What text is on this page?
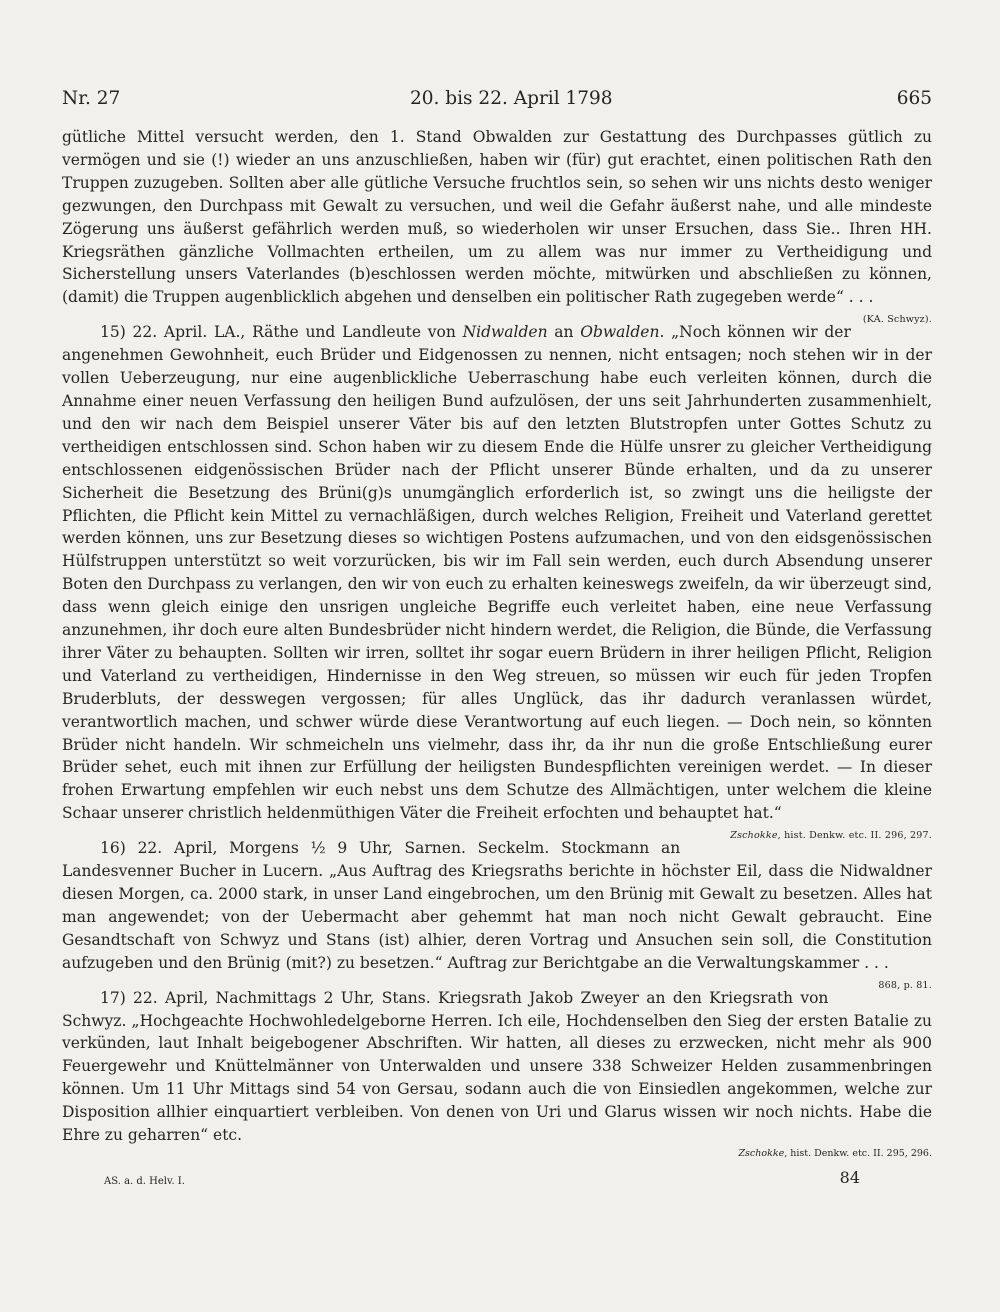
Nr. 27	20. bis 22. April 1798	665

gütliche Mittel versucht werden, den 1. Stand Obwalden zur Gestattung des Durchpasses gütlich zu vermögen und sie (!) wieder an uns anzuschließen, haben wir (für) gut erachtet, einen politischen Rath den Truppen zuzugeben. Sollten aber alle gütliche Versuche fruchtlos sein, so sehen wir uns nichts desto weniger gezwungen, den Durchpass mit Gewalt zu versuchen, und weil die Gefahr äußerst nahe, und alle mindeste Zögerung uns äußerst gefährlich werden muß, so wiederholen wir unser Ersuchen, dass Sie.. Ihren HH. Kriegsräthen gänzliche Vollmachten ertheilen, um zu allem was nur immer zu Vertheidigung und Sicherstellung unsers Vaterlandes (b)eschlossen werden möchte, mitwürken und abschließen zu können, (damit) die Truppen augenblicklich abgehen und denselben ein politischer Rath zugegeben werde“ . . .
(KA. Schwyz).

15) 22. April. LA., Räthe und Landleute von Nidwalden an Obwalden. „Noch können wir der angenehmen Gewohnheit, euch Brüder und Eidgenossen zu nennen, nicht entsagen; noch stehen wir in der vollen Ueberzeugung, nur eine augenblickliche Ueberraschung habe euch verleiten können, durch die Annahme einer neuen Verfassung den heiligen Bund aufzulösen, der uns seit Jahrhunderten zusammenhielt, und den wir nach dem Beispiel unserer Väter bis auf den letzten Blutstropfen unter Gottes Schutz zu vertheidigen entschlossen sind. Schon haben wir zu diesem Ende die Hülfe unsrer zu gleicher Vertheidigung entschlossenen eidgenössischen Brüder nach der Pflicht unserer Bünde erhalten, und da zu unserer Sicherheit die Besetzung des Brüni(g)s unumgänglich erforderlich ist, so zwingt uns die heiligste der Pflichten, die Pflicht kein Mittel zu vernachläßigen, durch welches Religion, Freiheit und Vaterland gerettet werden können, uns zur Besetzung dieses so wichtigen Postens aufzumachen, und von den eidsgenössischen Hülfstruppen unterstützt so weit vorzurücken, bis wir im Fall sein werden, euch durch Absendung unserer Boten den Durchpass zu verlangen, den wir von euch zu erhalten keineswegs zweifeln, da wir überzeugt sind, dass wenn gleich einige den unsrigen ungleiche Begriffe euch verleitet haben, eine neue Verfassung anzunehmen, ihr doch eure alten Bundesbrüder nicht hindern werdet, die Religion, die Bünde, die Verfassung ihrer Väter zu behaupten. Sollten wir irren, solltet ihr sogar euern Brüdern in ihrer heiligen Pflicht, Religion und Vaterland zu vertheidigen, Hindernisse in den Weg streuen, so müssen wir euch für jeden Tropfen Bruderbluts, der desswegen vergossen; für alles Unglück, das ihr dadurch veranlassen würdet, verantwortlich machen, und schwer würde diese Verantwortung auf euch liegen. — Doch nein, so könnten Brüder nicht handeln. Wir schmeicheln uns vielmehr, dass ihr, da ihr nun die große Entschließung eurer Brüder sehet, euch mit ihnen zur Erfüllung der heiligsten Bundespflichten vereinigen werdet. — In dieser frohen Erwartung empfehlen wir euch nebst uns dem Schutze des Allmächtigen, unter welchem die kleine Schaar unserer christlich heldenmüthigen Väter die Freiheit erfochten und behauptet hat.“
Zschokke, hist. Denkw. etc. II. 296, 297.

16) 22. April, Morgens ½ 9 Uhr, Sarnen. Seckelm. Stockmann an Landesvenner Bucher in Lucern. „Aus Auftrag des Kriegsraths berichte in höchster Eil, dass die Nidwaldner diesen Morgen, ca. 2000 stark, in unser Land eingebrochen, um den Brünig mit Gewalt zu besetzen. Alles hat man angewendet; von der Uebermacht aber gehemmt hat man noch nicht Gewalt gebraucht. Eine Gesandtschaft von Schwyz und Stans (ist) alhier, deren Vortrag und Ansuchen sein soll, die Constitution aufzugeben und den Brünig (mit?) zu besetzen.“ Auftrag zur Berichtgabe an die Verwaltungskammer . . .
868, p. 81.

17) 22. April, Nachmittags 2 Uhr, Stans. Kriegsrath Jakob Zweyer an den Kriegsrath von Schwyz. „Hochgeachte Hochwohledelgeborne Herren. Ich eile, Hochdenselben den Sieg der ersten Batalie zu verkünden, laut Inhalt beigebogener Abschriften. Wir hatten, all dieses zu erzwecken, nicht mehr als 900 Feuergewehr und Knüttelmänner von Unterwalden und unsere 338 Schweizer Helden zusammenbringen können. Um 11 Uhr Mittags sind 54 von Gersau, sodann auch die von Einsiedlen angekommen, welche zur Disposition allhier einquartiert verbleiben. Von denen von Uri und Glarus wissen wir noch nichts. Habe die Ehre zu geharren“ etc.

Zschokke, hist. Denkw. etc. II. 295, 296.
AS. a. d. Helv. I.	84
